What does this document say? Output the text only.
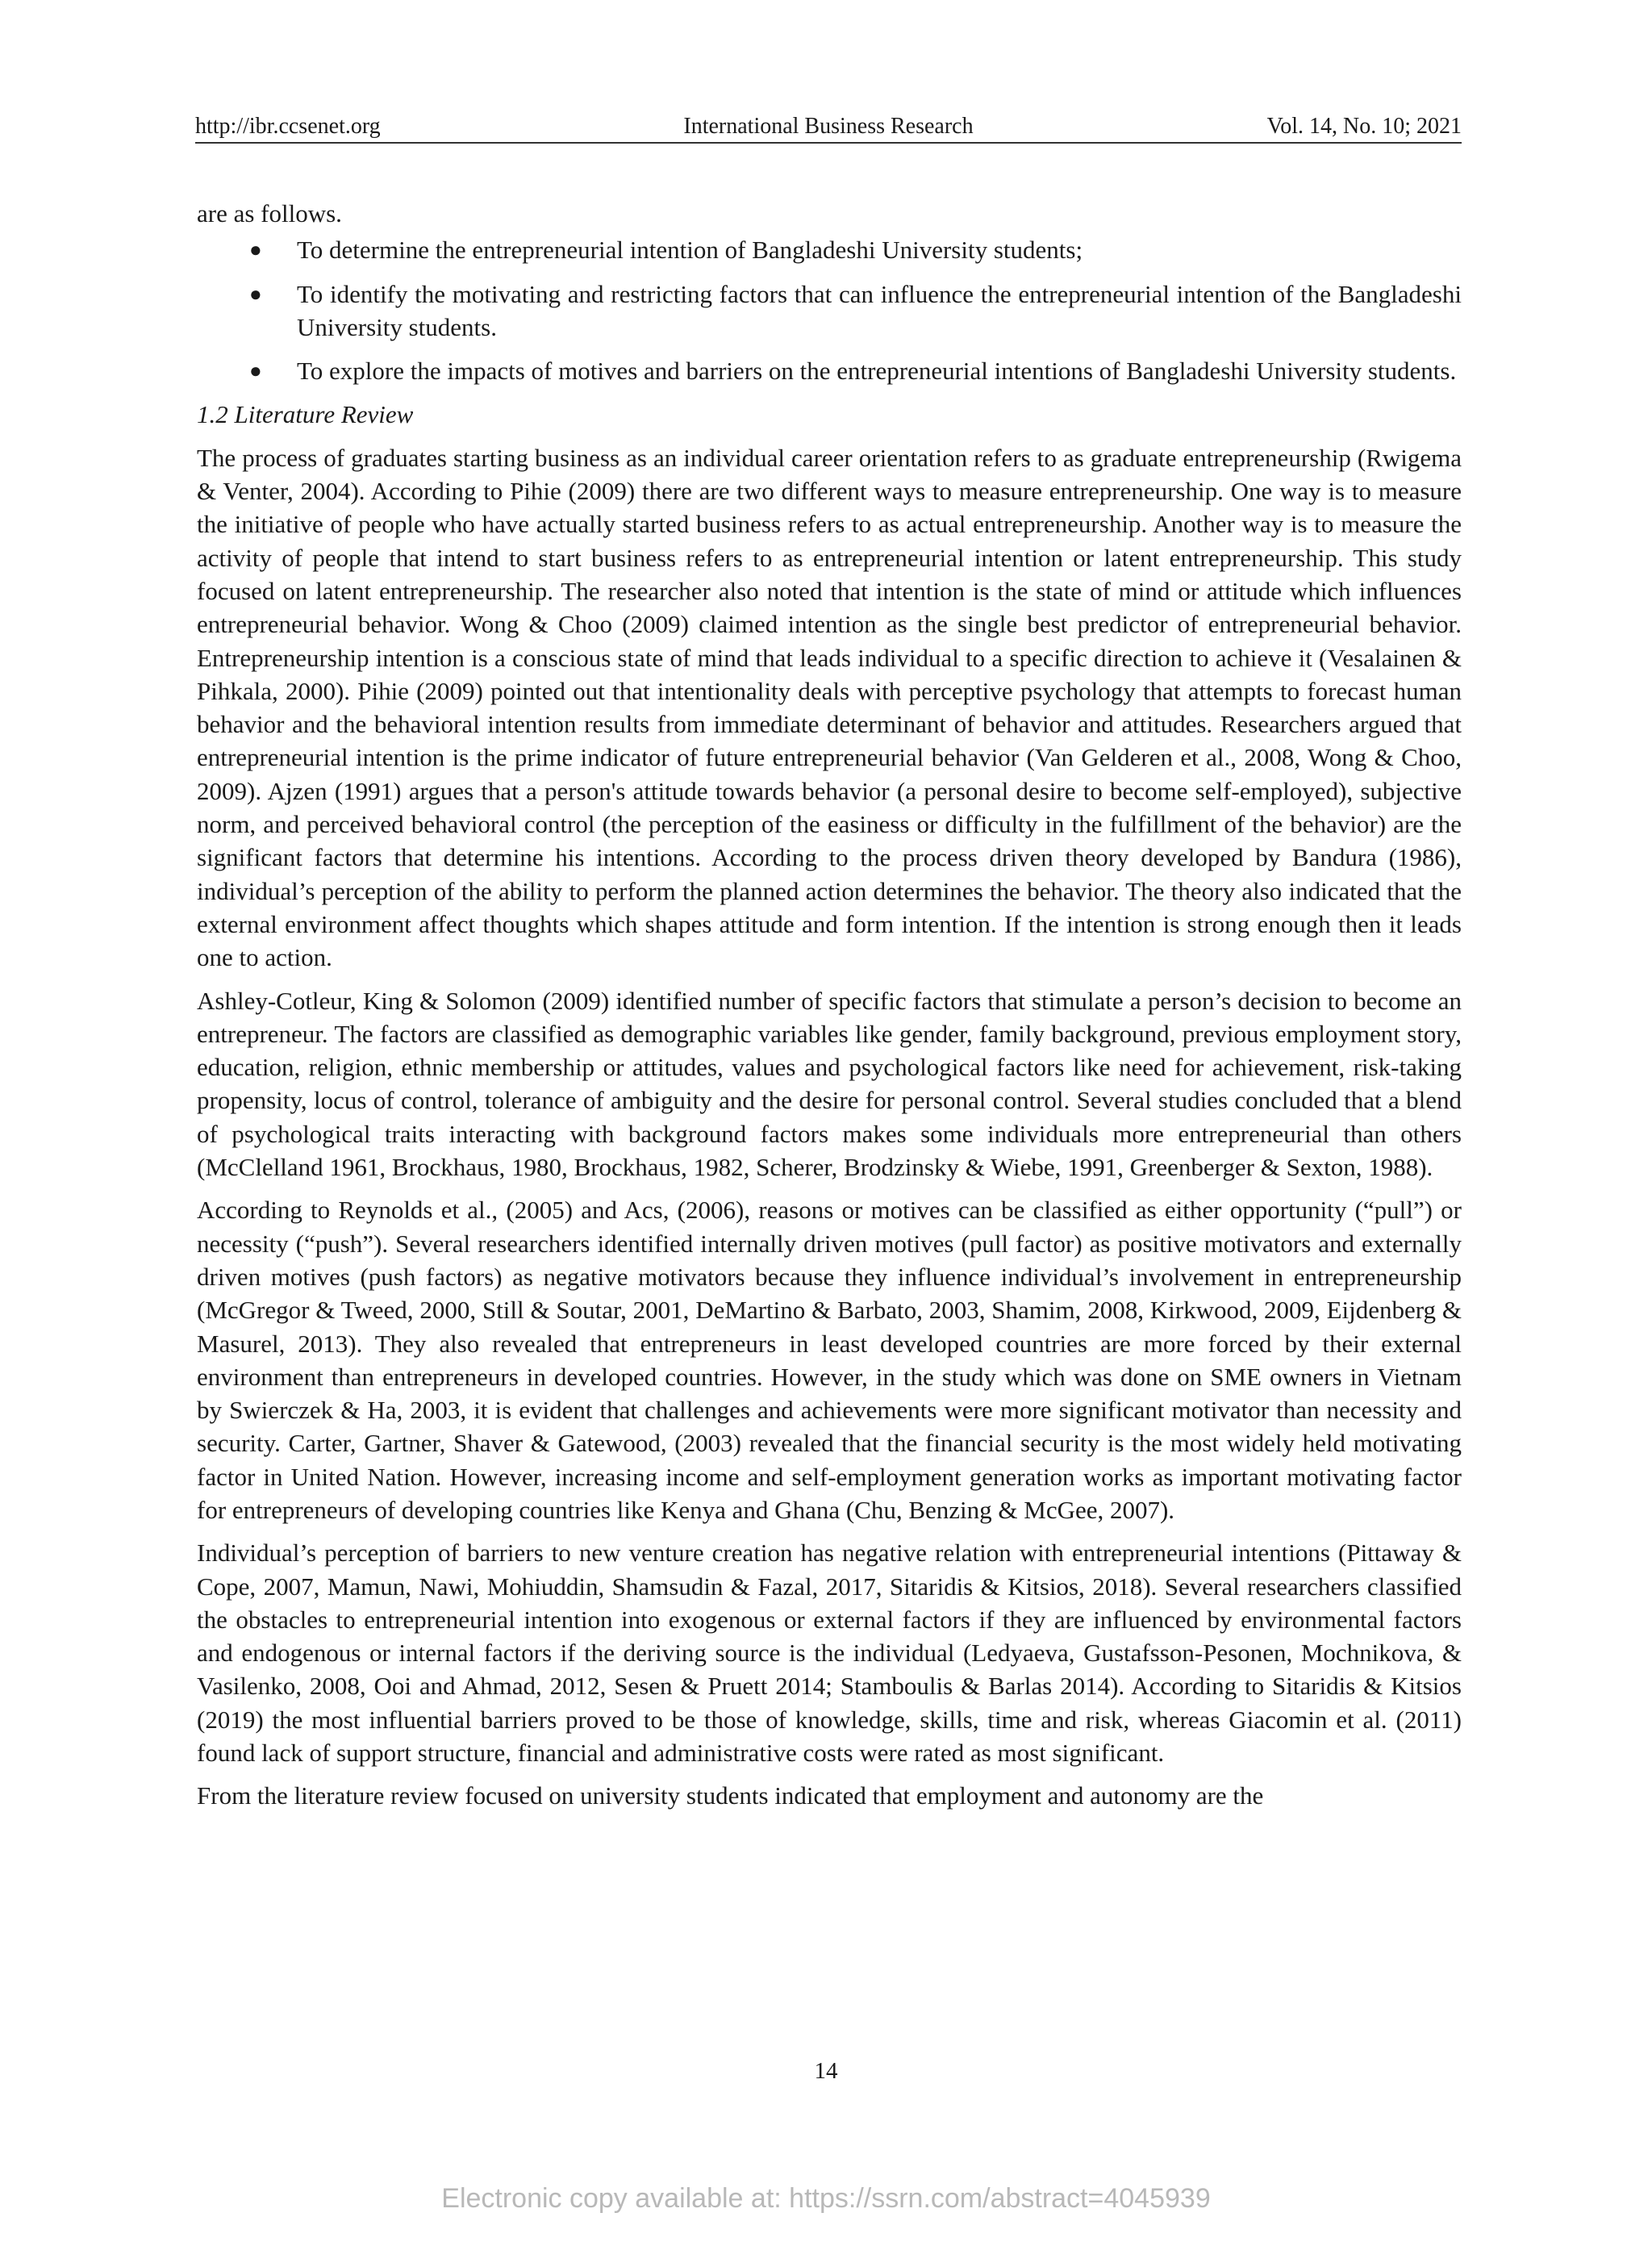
http://ibr.ccsenet.org	International Business Research	Vol. 14, No. 10; 2021

are as follows.

● To determine the entrepreneurial intention of Bangladeshi University students;
● To identify the motivating and restricting factors that can influence the entrepreneurial intention of the Bangladeshi University students.
● To explore the impacts of motives and barriers on the entrepreneurial intentions of Bangladeshi University students.

1.2 Literature Review

The process of graduates starting business as an individual career orientation refers to as graduate entrepreneurship (Rwigema & Venter, 2004). According to Pihie (2009) there are two different ways to measure entrepreneurship. One way is to measure the initiative of people who have actually started business refers to as actual entrepreneurship. Another way is to measure the activity of people that intend to start business refers to as entrepreneurial intention or latent entrepreneurship. This study focused on latent entrepreneurship. The researcher also noted that intention is the state of mind or attitude which influences entrepreneurial behavior. Wong & Choo (2009) claimed intention as the single best predictor of entrepreneurial behavior. Entrepreneurship intention is a conscious state of mind that leads individual to a specific direction to achieve it (Vesalainen & Pihkala, 2000). Pihie (2009) pointed out that intentionality deals with perceptive psychology that attempts to forecast human behavior and the behavioral intention results from immediate determinant of behavior and attitudes. Researchers argued that entrepreneurial intention is the prime indicator of future entrepreneurial behavior (Van Gelderen et al., 2008, Wong & Choo, 2009). Ajzen (1991) argues that a person's attitude towards behavior (a personal desire to become self-employed), subjective norm, and perceived behavioral control (the perception of the easiness or difficulty in the fulfillment of the behavior) are the significant factors that determine his intentions. According to the process driven theory developed by Bandura (1986), individual’s perception of the ability to perform the planned action determines the behavior. The theory also indicated that the external environment affect thoughts which shapes attitude and form intention. If the intention is strong enough then it leads one to action.

Ashley-Cotleur, King & Solomon (2009) identified number of specific factors that stimulate a person’s decision to become an entrepreneur. The factors are classified as demographic variables like gender, family background, previous employment story, education, religion, ethnic membership or attitudes, values and psychological factors like need for achievement, risk-taking propensity, locus of control, tolerance of ambiguity and the desire for personal control. Several studies concluded that a blend of psychological traits interacting with background factors makes some individuals more entrepreneurial than others (McClelland 1961, Brockhaus, 1980, Brockhaus, 1982, Scherer, Brodzinsky & Wiebe, 1991, Greenberger & Sexton, 1988).

According to Reynolds et al., (2005) and Acs, (2006), reasons or motives can be classified as either opportunity (“pull”) or necessity (“push”). Several researchers identified internally driven motives (pull factor) as positive motivators and externally driven motives (push factors) as negative motivators because they influence individual’s involvement in entrepreneurship (McGregor & Tweed, 2000, Still & Soutar, 2001, DeMartino & Barbato, 2003, Shamim, 2008, Kirkwood, 2009, Eijdenberg & Masurel, 2013). They also revealed that entrepreneurs in least developed countries are more forced by their external environment than entrepreneurs in developed countries. However, in the study which was done on SME owners in Vietnam by Swierczek & Ha, 2003, it is evident that challenges and achievements were more significant motivator than necessity and security. Carter, Gartner, Shaver & Gatewood, (2003) revealed that the financial security is the most widely held motivating factor in United Nation. However, increasing income and self-employment generation works as important motivating factor for entrepreneurs of developing countries like Kenya and Ghana (Chu, Benzing & McGee, 2007).

Individual’s perception of barriers to new venture creation has negative relation with entrepreneurial intentions (Pittaway & Cope, 2007, Mamun, Nawi, Mohiuddin, Shamsudin & Fazal, 2017, Sitaridis & Kitsios, 2018). Several researchers classified the obstacles to entrepreneurial intention into exogenous or external factors if they are influenced by environmental factors and endogenous or internal factors if the deriving source is the individual (Ledyaeva, Gustafsson-Pesonen, Mochnikova, & Vasilenko, 2008, Ooi and Ahmad, 2012, Sesen & Pruett 2014; Stamboulis & Barlas 2014). According to Sitaridis & Kitsios (2019) the most influential barriers proved to be those of knowledge, skills, time and risk, whereas Giacomin et al. (2011) found lack of support structure, financial and administrative costs were rated as most significant.

From the literature review focused on university students indicated that employment and autonomy are the

14
Electronic copy available at: https://ssrn.com/abstract=4045939
